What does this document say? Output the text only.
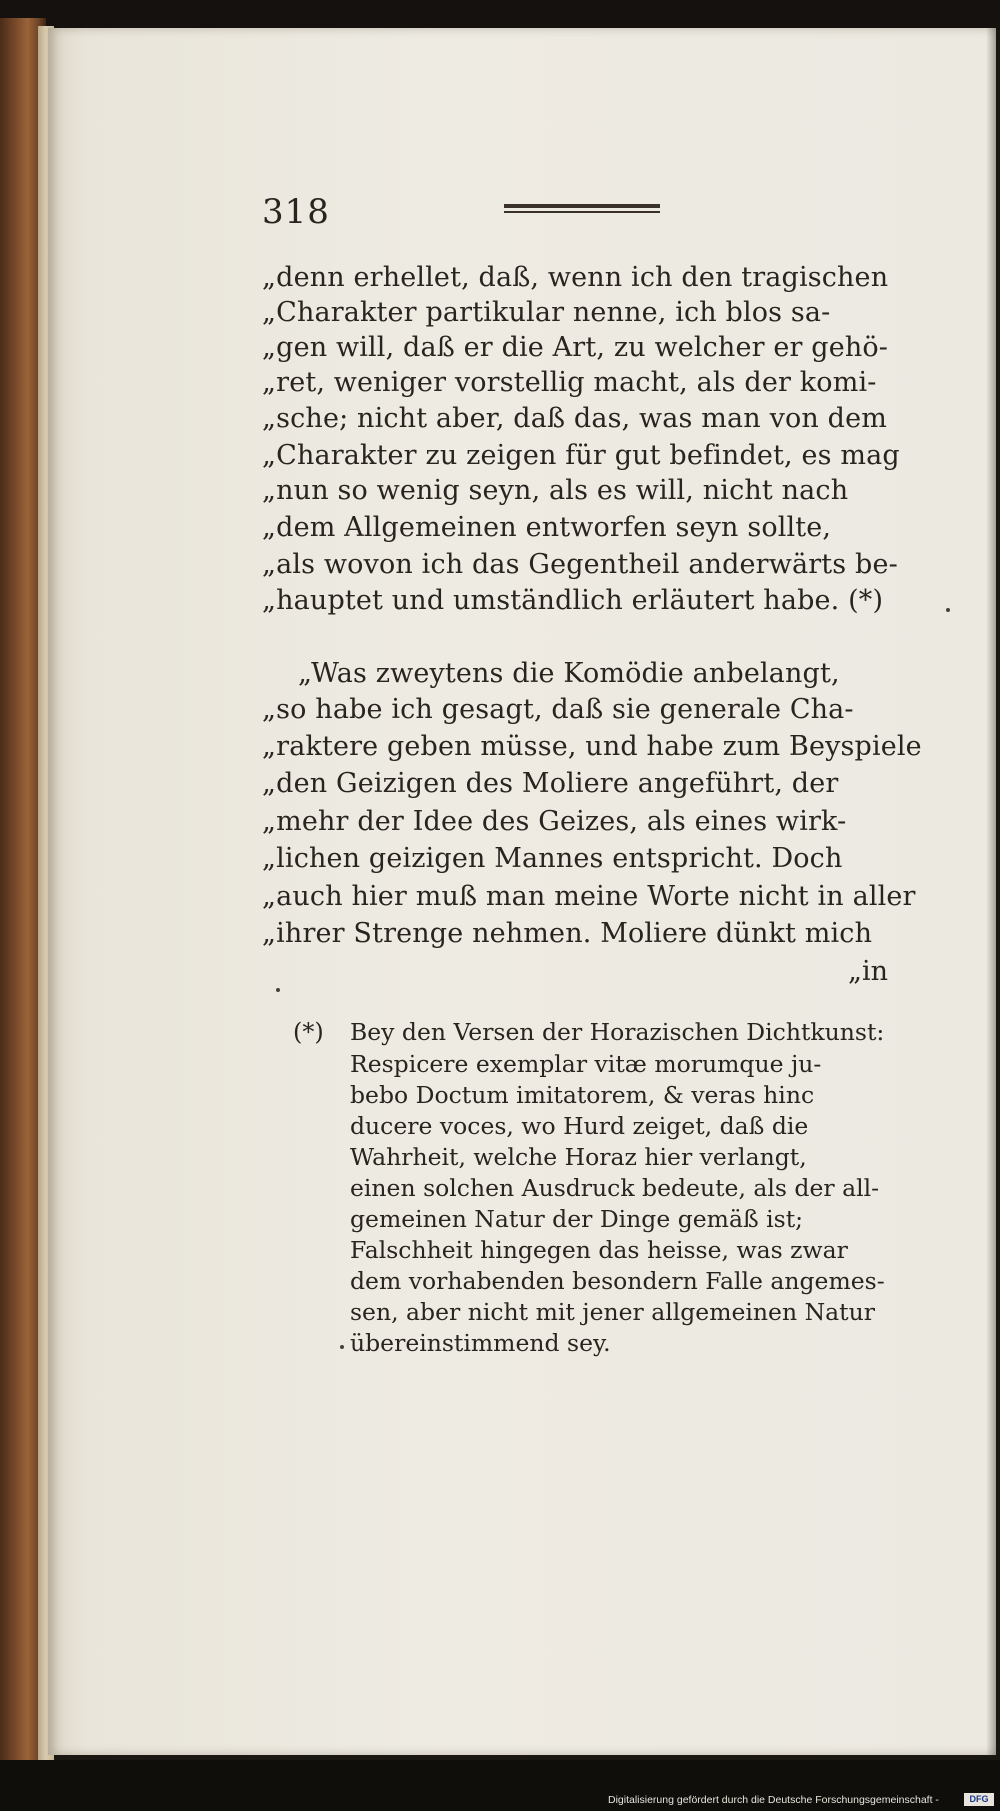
318
„denn erhellet, daß, wenn ich den tragischen
„Charakter partikular nenne, ich blos sa-
„gen will, daß er die Art, zu welcher er gehö-
„ret, weniger vorstellig macht, als der komi-
„sche; nicht aber, daß das, was man von dem
„Charakter zu zeigen für gut befindet, es mag
„nun so wenig seyn, als es will, nicht nach
„dem Allgemeinen entworfen seyn sollte,
„als wovon ich das Gegentheil anderwärts be-
„hauptet und umständlich erläutert habe. (*)
„Was zweytens die Komödie anbelangt,
„so habe ich gesagt, daß sie generale Cha-
„raktere geben müsse, und habe zum Beyspiele
„den Geizigen des Moliere angeführt, der
„mehr der Idee des Geizes, als eines wirk-
„lichen geizigen Mannes entspricht. Doch
„auch hier muß man meine Worte nicht in aller
„ihrer Strenge nehmen. Moliere dünkt mich
„in
(*) Bey den Versen der Horazischen Dichtkunst:
Respicere exemplar vitæ morumque ju-
bebo Doctum imitatorem, & veras hinc
ducere voces, wo Hurd zeiget, daß die
Wahrheit, welche Horaz hier verlangt,
einen solchen Ausdruck bedeute, als der all-
gemeinen Natur der Dinge gemäß ist;
Falschheit hingegen das heisse, was zwar
dem vorhabenden besondern Falle angemes-
sen, aber nicht mit jener allgemeinen Natur
übereinstimmend sey.
Digitalisierung gefördert durch die Deutsche Forschungsgemeinschaft -	DFG
